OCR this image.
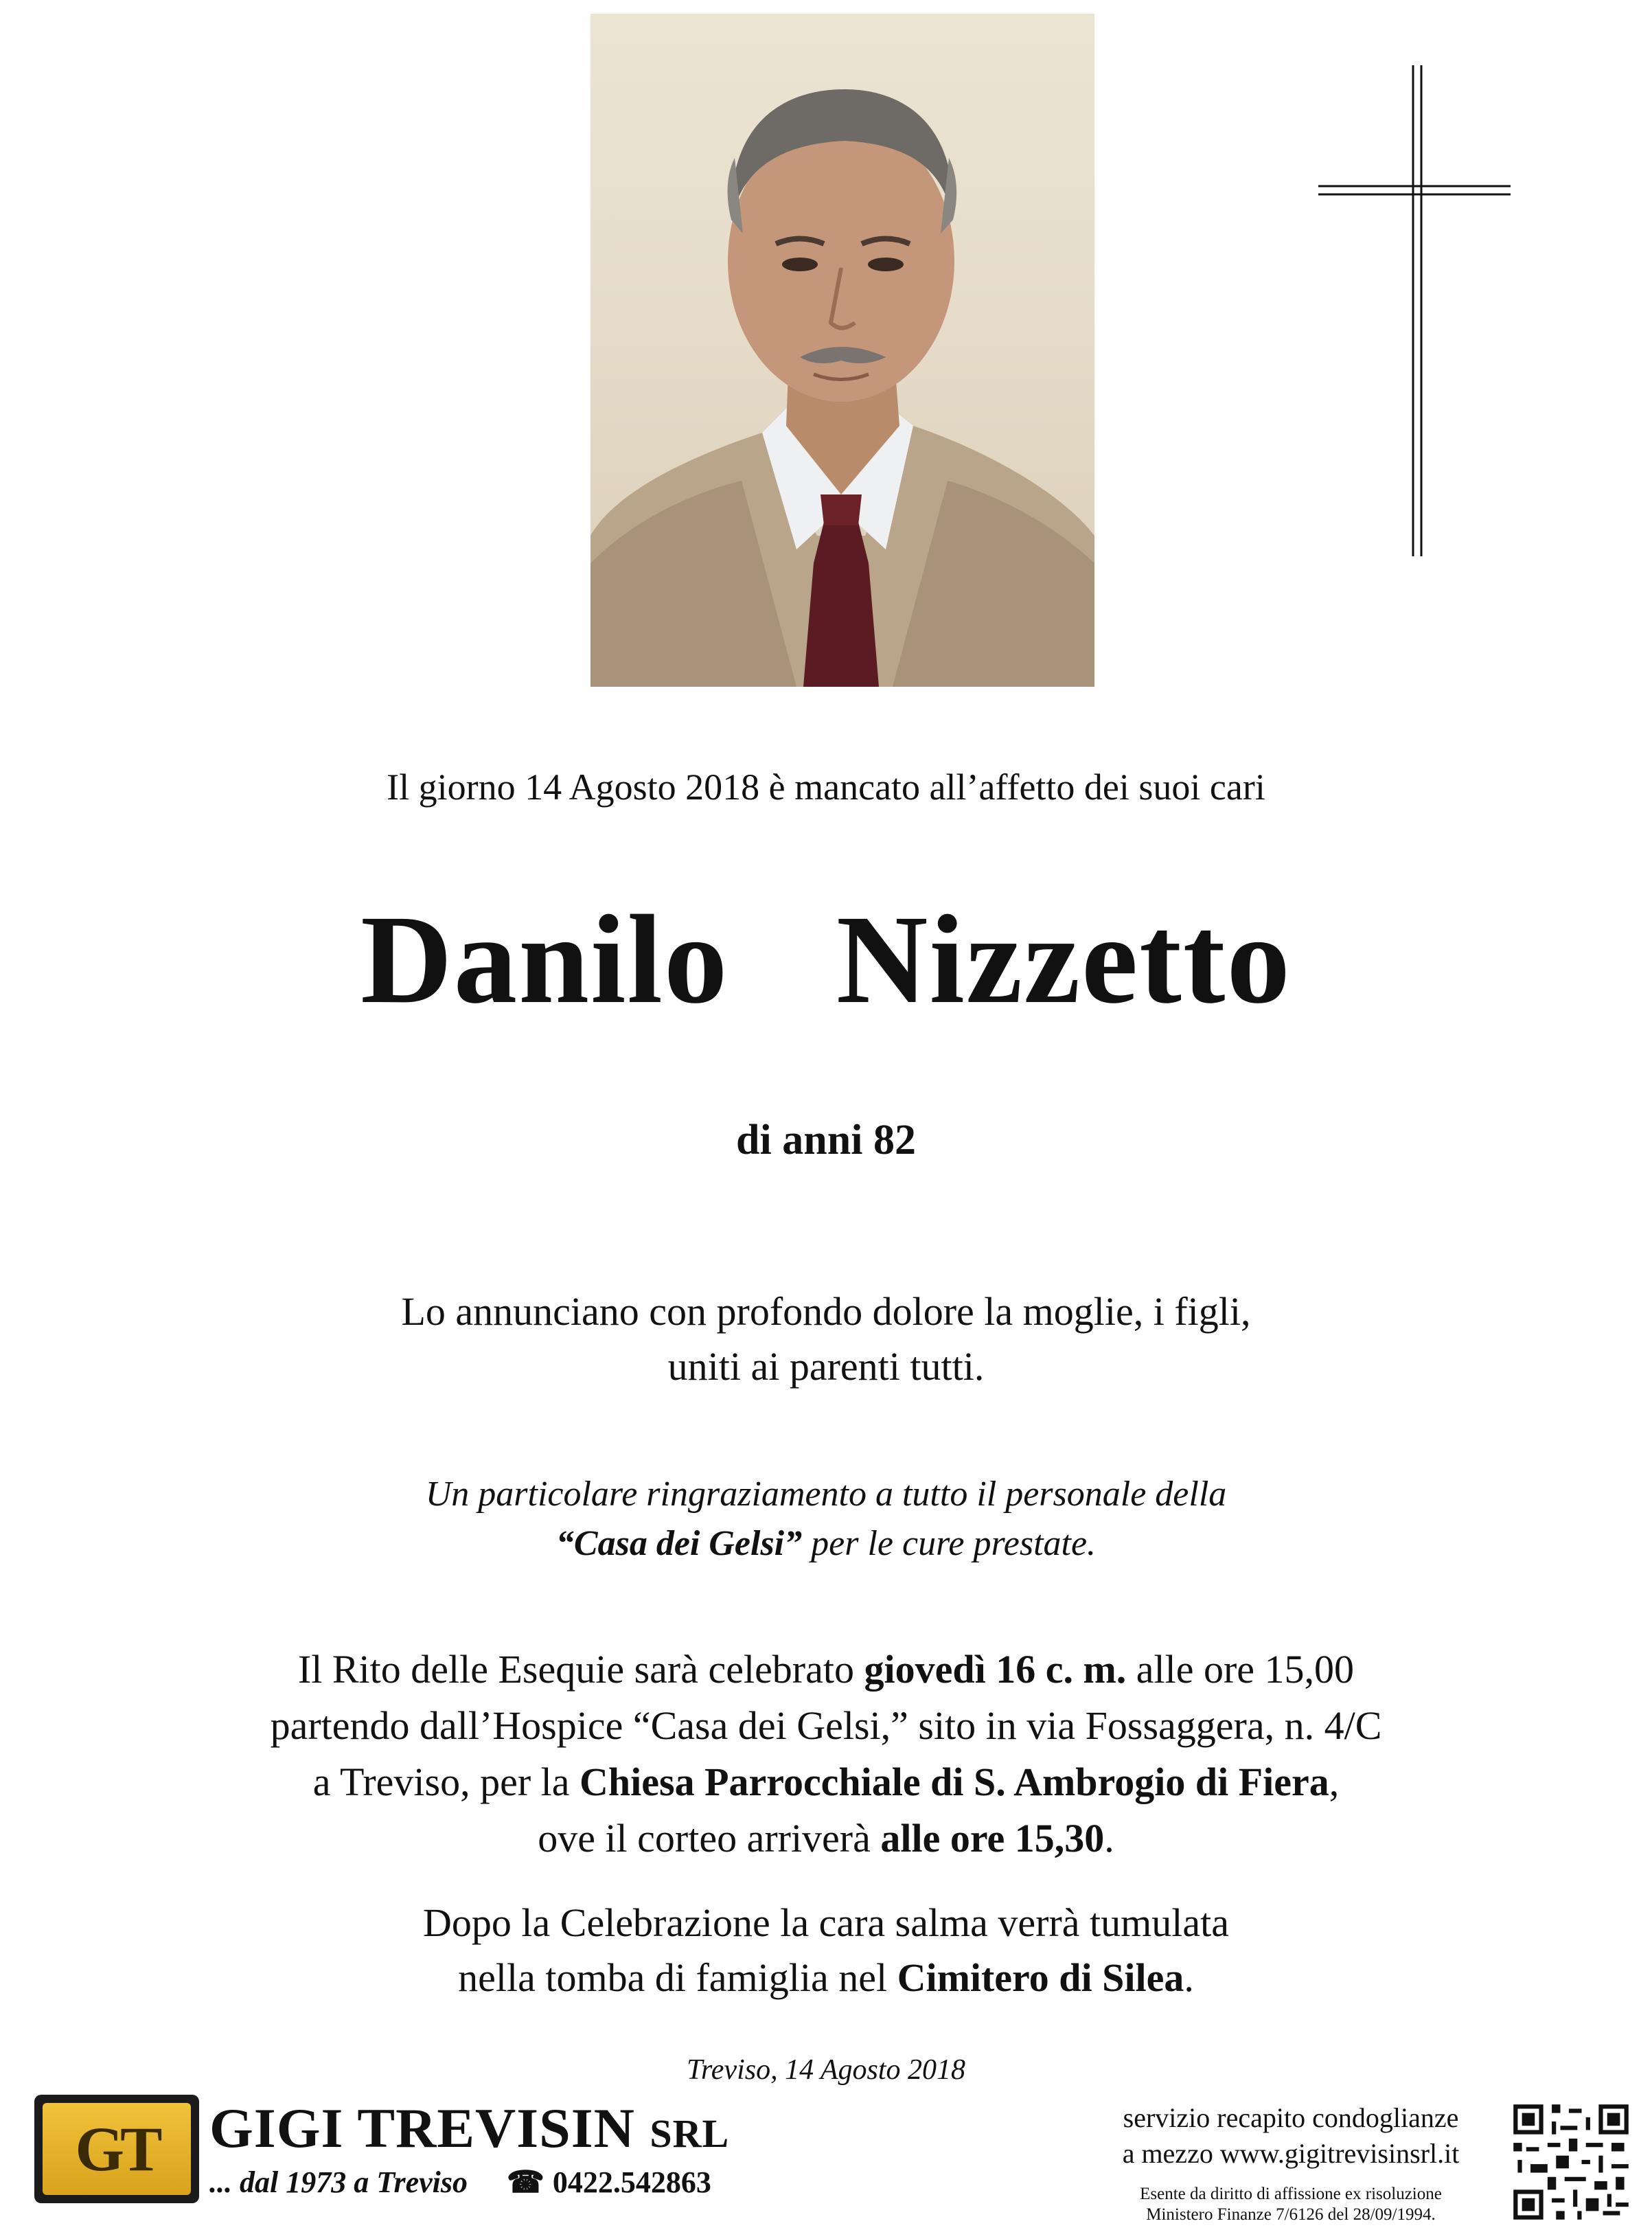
Il giorno 14 Agosto 2018 è mancato all’affetto dei suoi cari
Danilo  Nizzetto
di anni 82
Lo annunciano con profondo dolore la moglie, i figli,
uniti ai parenti tutti.
Un particolare ringraziamento a tutto il personale della
“Casa dei Gelsi” per le cure prestate.
Il Rito delle Esequie sarà celebrato giovedì 16 c. m. alle ore 15,00
partendo dall’Hospice “Casa dei Gelsi,” sito in via Fossaggera, n. 4/C
a Treviso, per la Chiesa Parrocchiale di S. Ambrogio di Fiera,
ove il corteo arriverà alle ore 15,30.
Dopo la Celebrazione la cara salma verrà tumulata
nella tomba di famiglia nel Cimitero di Silea.
Treviso, 14 Agosto 2018
GT GIGI TREVISIN SRL
... dal 1973 a Treviso ☎ 0422.542863
servizio recapito condoglianze
a mezzo www.gigitrevisinsrl.it
Esente da diritto di affissione ex risoluzione
Ministero Finanze 7/6126 del 28/09/1994.
